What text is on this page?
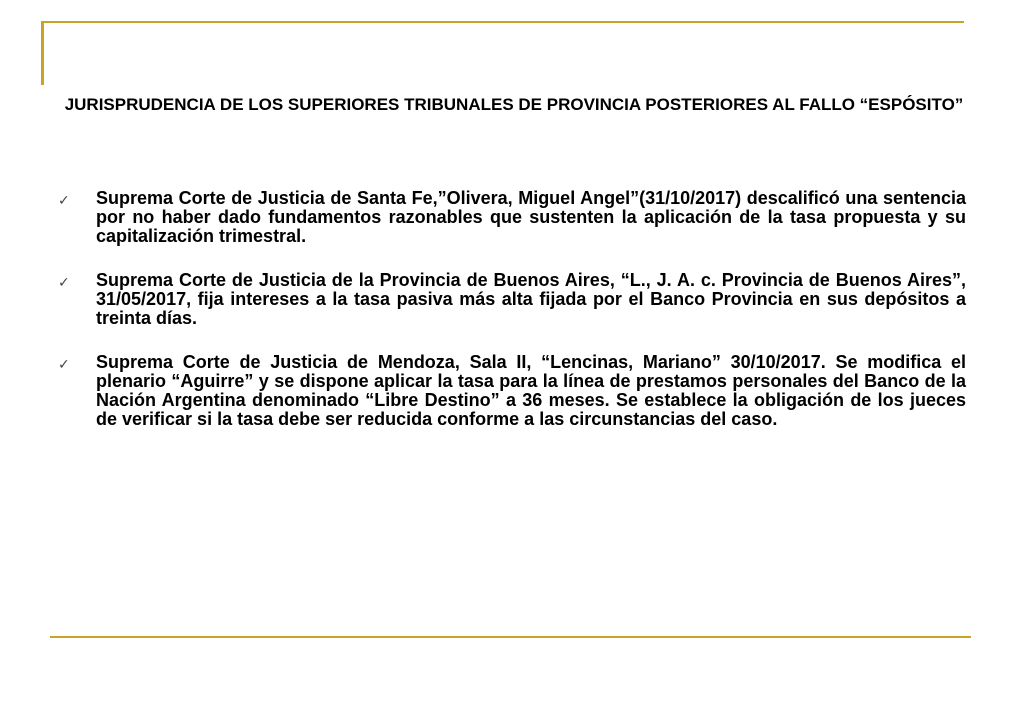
JURISPRUDENCIA DE LOS SUPERIORES TRIBUNALES DE PROVINCIA POSTERIORES AL FALLO “ESPÓSITO”
✓ Suprema Corte de Justicia de Santa Fe,”Olivera, Miguel Angel”(31/10/2017) descalificó una sentencia por no haber dado fundamentos razonables que sustenten la aplicación de la tasa propuesta y su capitalización trimestral.
✓ Suprema Corte de Justicia de la Provincia de Buenos Aires, “L., J. A. c. Provincia de Buenos Aires”, 31/05/2017, fija intereses a la tasa pasiva más alta fijada por el Banco Provincia en sus depósitos a treinta días.
✓ Suprema Corte de Justicia de Mendoza, Sala II, “Lencinas, Mariano” 30/10/2017. Se modifica el plenario “Aguirre” y se dispone aplicar la tasa para la línea de prestamos personales del Banco de la Nación Argentina denominado “Libre Destino” a 36 meses. Se establece la obligación de los jueces de verificar si la tasa debe ser reducida conforme a las circunstancias del caso.
